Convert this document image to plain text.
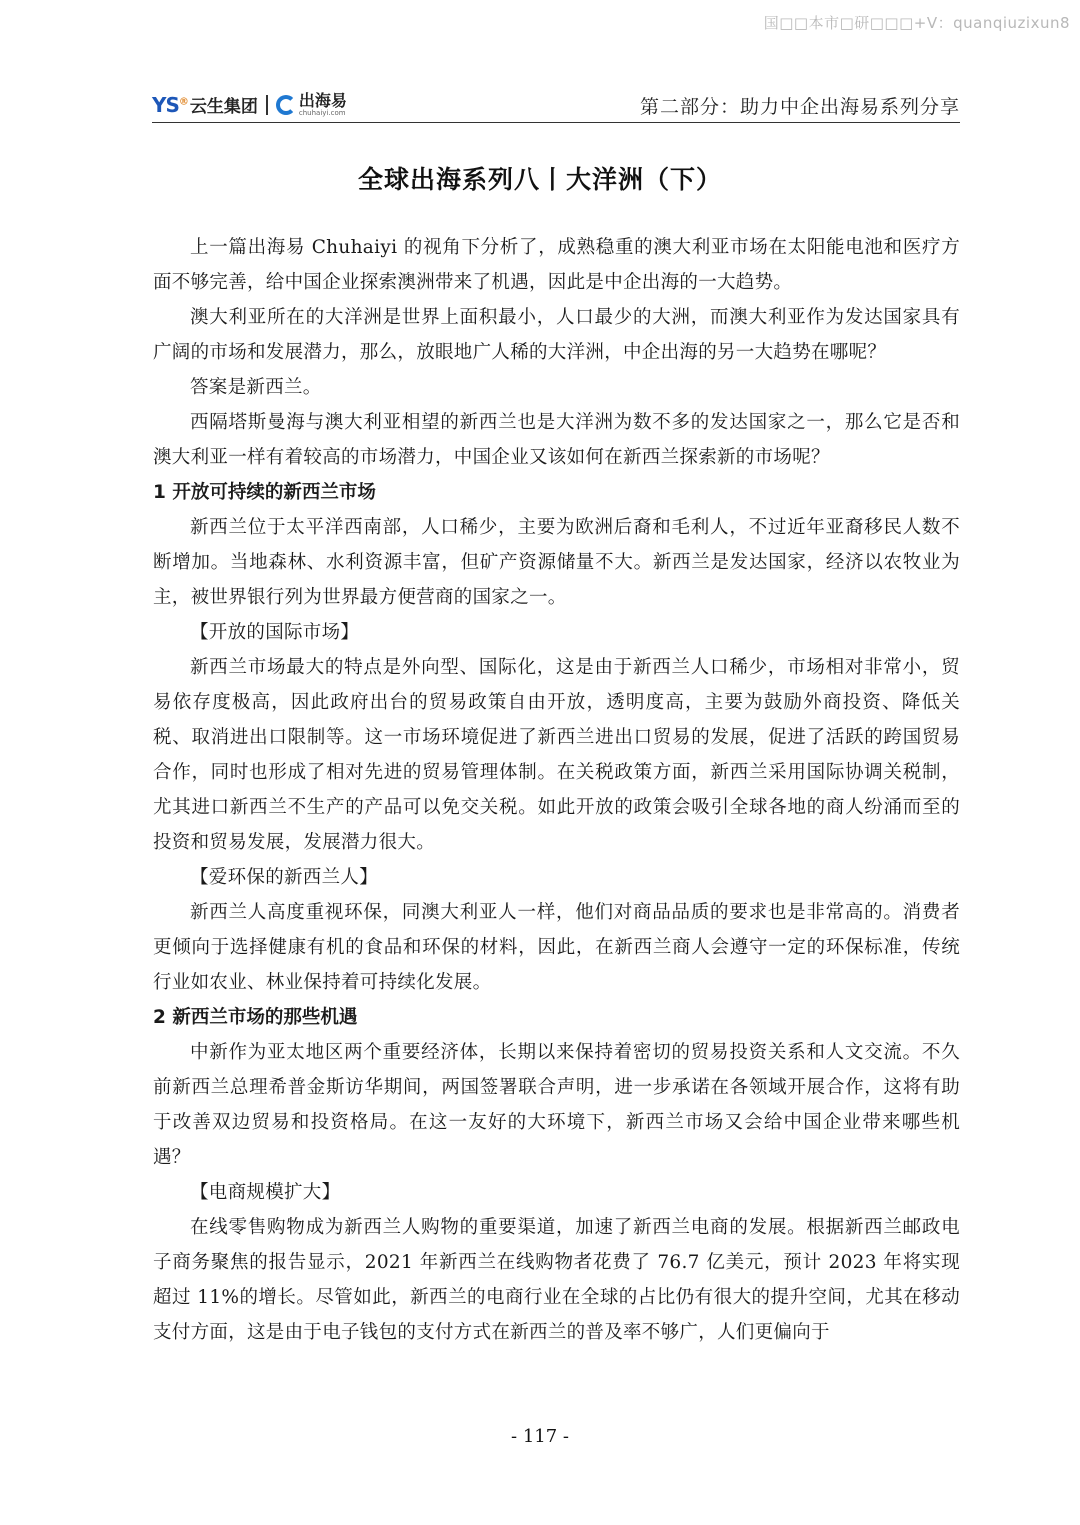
国□□本市□研□□□+V：quanqiuzixun8
YS® 云生集团	出海易
chuhaiyi.com	第二部分：助力中企出海易系列分享
全球出海系列八丨大洋洲（下）

上一篇出海易 Chuhaiyi 的视角下分析了，成熟稳重的澳大利亚市场在太阳能电池和医疗方面不够完善，给中国企业探索澳洲带来了机遇，因此是中企出海的一大趋势。

澳大利亚所在的大洋洲是世界上面积最小，人口最少的大洲，而澳大利亚作为发达国家具有广阔的市场和发展潜力，那么，放眼地广人稀的大洋洲，中企出海的另一大趋势在哪呢？

答案是新西兰。

西隔塔斯曼海与澳大利亚相望的新西兰也是大洋洲为数不多的发达国家之一，那么它是否和澳大利亚一样有着较高的市场潜力，中国企业又该如何在新西兰探索新的市场呢？

1 开放可持续的新西兰市场

新西兰位于太平洋西南部，人口稀少，主要为欧洲后裔和毛利人，不过近年亚裔移民人数不断增加。当地森林、水利资源丰富，但矿产资源储量不大。新西兰是发达国家，经济以农牧业为主，被世界银行列为世界最方便营商的国家之一。

【开放的国际市场】

新西兰市场最大的特点是外向型、国际化，这是由于新西兰人口稀少，市场相对非常小，贸易依存度极高，因此政府出台的贸易政策自由开放，透明度高，主要为鼓励外商投资、降低关税、取消进出口限制等。这一市场环境促进了新西兰进出口贸易的发展，促进了活跃的跨国贸易合作，同时也形成了相对先进的贸易管理体制。在关税政策方面，新西兰采用国际协调关税制，尤其进口新西兰不生产的产品可以免交关税。如此开放的政策会吸引全球各地的商人纷涌而至的投资和贸易发展，发展潜力很大。

【爱环保的新西兰人】

新西兰人高度重视环保，同澳大利亚人一样，他们对商品品质的要求也是非常高的。消费者更倾向于选择健康有机的食品和环保的材料，因此，在新西兰商人会遵守一定的环保标准，传统行业如农业、林业保持着可持续化发展。

2 新西兰市场的那些机遇

中新作为亚太地区两个重要经济体，长期以来保持着密切的贸易投资关系和人文交流。不久前新西兰总理希普金斯访华期间，两国签署联合声明，进一步承诺在各领域开展合作，这将有助于改善双边贸易和投资格局。在这一友好的大环境下，新西兰市场又会给中国企业带来哪些机遇？

【电商规模扩大】

在线零售购物成为新西兰人购物的重要渠道，加速了新西兰电商的发展。根据新西兰邮政电子商务聚焦的报告显示，2021 年新西兰在线购物者花费了 76.7 亿美元，预计 2023 年将实现超过 11%的增长。尽管如此，新西兰的电商行业在全球的占比仍有很大的提升空间，尤其在移动支付方面，这是由于电子钱包的支付方式在新西兰的普及率不够广，人们更偏向于

- 117 -
